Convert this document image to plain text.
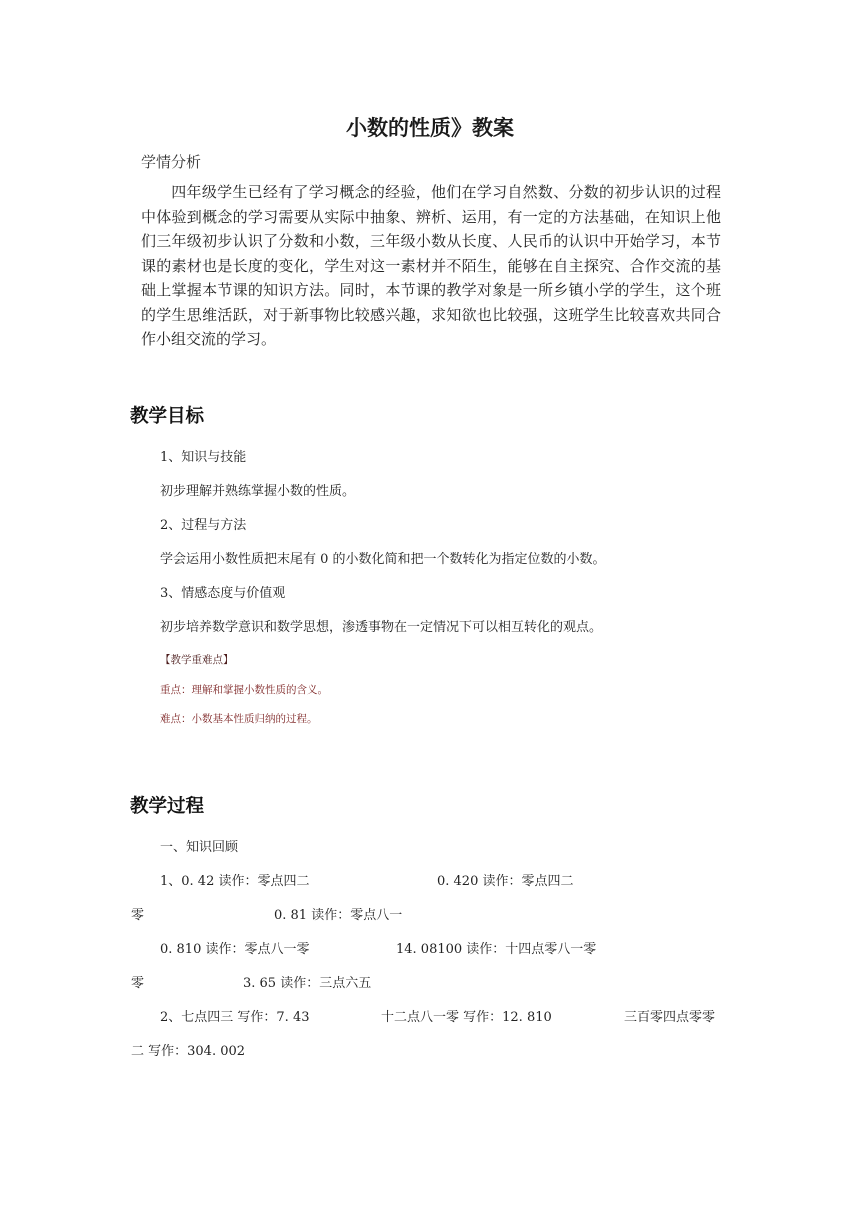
小数的性质》教案
学情分析
四年级学生已经有了学习概念的经验，他们在学习自然数、分数的初步认识的过程中体验到概念的学习需要从实际中抽象、辨析、运用，有一定的方法基础，在知识上他们三年级初步认识了分数和小数，三年级小数从长度、人民币的认识中开始学习，本节课的素材也是长度的变化，学生对这一素材并不陌生，能够在自主探究、合作交流的基础上掌握本节课的知识方法。同时，本节课的教学对象是一所乡镇小学的学生，这个班的学生思维活跃，对于新事物比较感兴趣，求知欲也比较强，这班学生比较喜欢共同合作小组交流的学习。
教学目标
1、知识与技能
初步理解并熟练掌握小数的性质。
2、过程与方法
学会运用小数性质把末尾有 0 的小数化简和把一个数转化为指定位数的小数。
3、情感态度与价值观
初步培养数学意识和数学思想，渗透事物在一定情况下可以相互转化的观点。
【教学重难点】
重点：理解和掌握小数性质的含义。
难点：小数基本性质归纳的过程。
教学过程
一、知识回顾
1、0. 42 读作：零点四二	0. 420 读作：零点四二
零	0. 81 读作：零点八一
0. 810 读作：零点八一零	14. 08100 读作：十四点零八一零
零	3. 65 读作：三点六五
2、七点四三 写作：7. 43	十二点八一零 写作：12. 810	三百零四点零零
二 写作：304. 002
